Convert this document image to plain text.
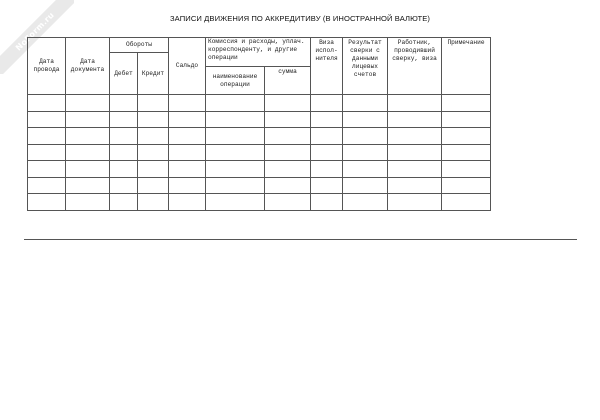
NoForm.ru	ЗАПИСИ ДВИЖЕНИЯ ПО АККРЕДИТИВУ (В ИНОСТРАННОЙ ВАЛЮТЕ)
Дата проводa	Дата документа	Обороты		Сальдо	Комиссия и расходы, уплач. корреспонденту, и другие операции		Виза испол- нителя	Результат сверки с данными лицевых счетов	Работник, проводивший сверку, виза	Примечание
		Дебет	Кредит							
					наименование операции	сумма				
